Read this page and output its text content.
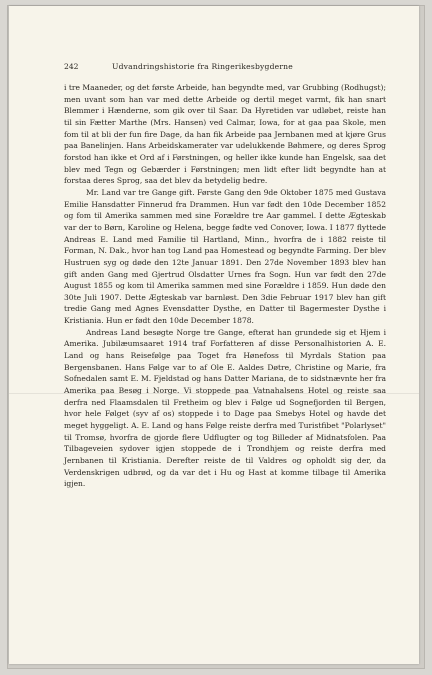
242	Udvandringshistorie fra Ringerikesbygderne

i tre Maaneder, og det første Arbeide, han begyndte med, var Grubbing (Rodhugst); men uvant som han var med dette Arbeide og dertil meget varmt, fik han snart Blemmer i Hænderne, som gik over til Saar. Da Hyretiden var udløbet, reiste han til sin Fætter Marthe (Mrs. Hansen) ved Calmar, Iowa, for at gaa paa Skole, men fom til at bli der fun fire Dage, da han fik Arbeide paa Jernbanen med at kjøre Grus paa Banelinjen. Hans Arbeidskamerater var udelukkende Bøhmere, og deres Sprog forstod han ikke et Ord af i Førstningen, og heller ikke kunde han Engelsk, saa det blev med Tegn og Gebærder i Førstningen; men lidt efter lidt begyndte han at forstaa deres Sprog, saa det blev da betydelig bedre.

Mr. Land var tre Gange gift. Første Gang den 9de Oktober 1875 med Gustava Emilie Hansdatter Finnerud fra Drammen. Hun var født den 10de December 1852 og fom til Amerika sammen med sine Forældre tre Aar gammel. I dette Ægteskab var der to Børn, Karoline og Helena, begge fødte ved Conover, Iowa. I 1877 flyttede Andreas E. Land med Familie til Hartland, Minn., hvorfra de i 1882 reiste til Forman, N. Dak., hvor han tog Land paa Homestead og begyndte Farming. Der blev Hustruen syg og døde den 12te Januar 1891. Den 27de November 1893 blev han gift anden Gang med Gjertrud Olsdatter Urnes fra Sogn. Hun var født den 27de August 1855 og kom til Amerika sammen med sine Forældre i 1859. Hun døde den 30te Juli 1907. Dette Ægteskab var barnløst. Den 3die Februar 1917 blev han gift tredie Gang med Agnes Evensdatter Dysthe, en Datter til Bagermester Dysthe i Kristiania. Hun er født den 10de December 1878.

Andreas Land besøgte Norge tre Gange, efterat han grundede sig et Hjem i Amerika. Jubilæumsaaret 1914 traf Forfatteren af disse Personalhistorien A. E. Land og hans Reisefølge paa Toget fra Hønefoss til Myrdals Station paa Bergensbanen. Hans Følge var to af Ole E. Aaldes Døtre, Christine og Marie, fra Sofnedalen samt E. M. Fjeldstad og hans Datter Mariana, de to sidstnævnte her fra Amerika paa Besøg i Norge. Vi stoppede paa Vatnahalsens Hotel og reiste saa derfra ned Flaamsdalen til Fretheim og blev i Følge ud Sognefjorden til Bergen, hvor hele Følget (syv af os) stoppede i to Dage paa Smebys Hotel og havde det meget hyggeligt. A. E. Land og hans Følge reiste derfra med Turistfibet "Polarlyset" til Tromsø, hvorfra de gjorde flere Udflugter og tog Billeder af Midnatsfolen. Paa Tilbageveien sydover igjen stoppede de i Trondhjem og reiste derfra med Jernbanen til Kristiania. Derefter reiste de til Valdres og opholdt sig der, da Verdenskrigen udbrød, og da var det i Hu og Hast at komme tilbage til Amerika igjen.
